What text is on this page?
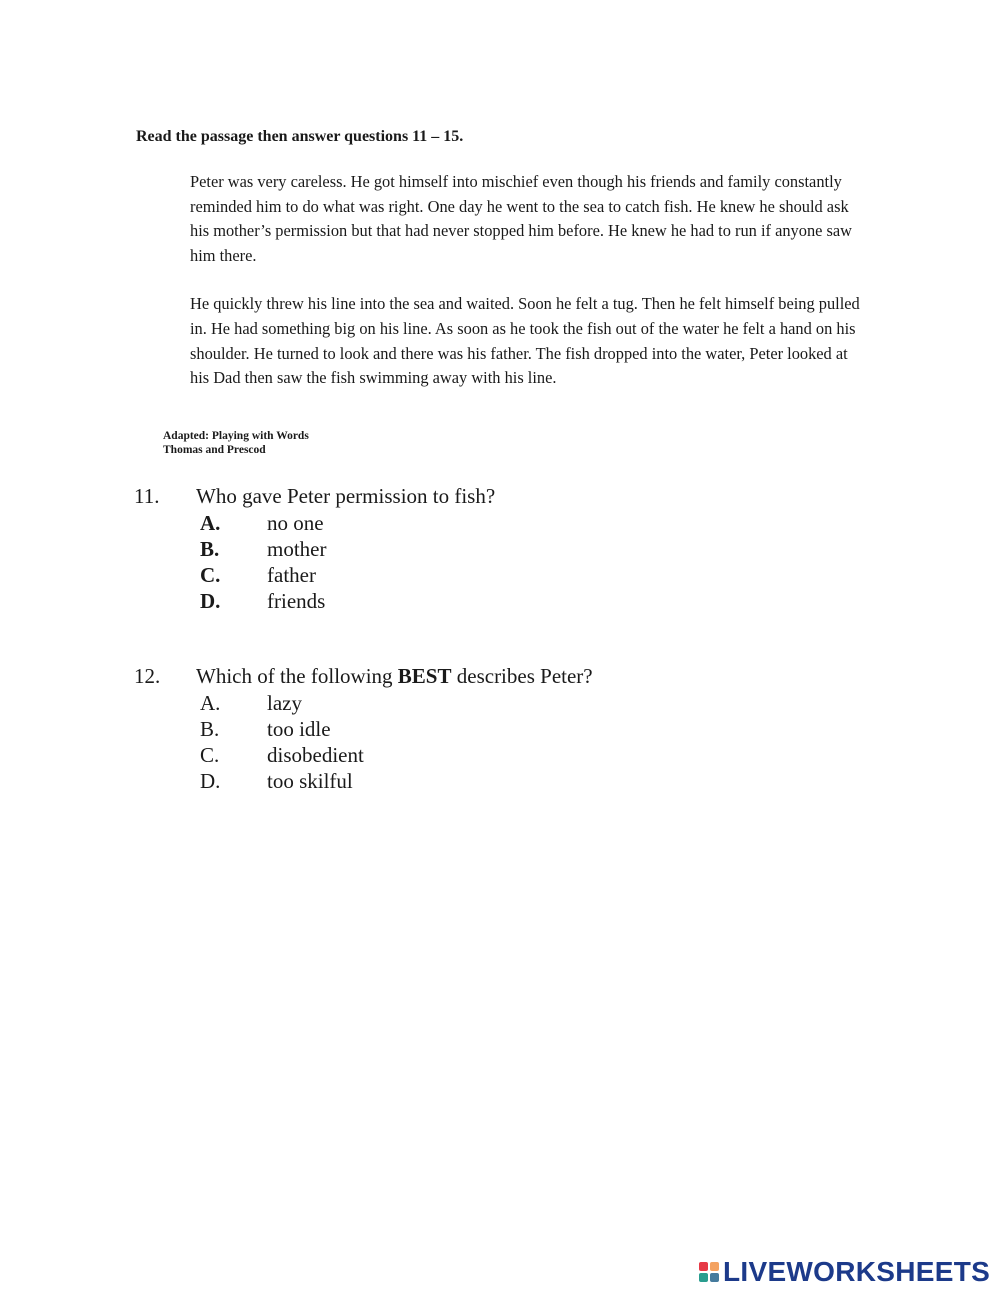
Read the passage then answer questions 11 – 15.

Peter was very careless. He got himself into mischief even though his friends and family constantly reminded him to do what was right. One day he went to the sea to catch fish. He knew he should ask his mother’s permission but that had never stopped him before. He knew he had to run if anyone saw him there.

He quickly threw his line into the sea and waited. Soon he felt a tug. Then he felt himself being pulled in. He had something big on his line. As soon as he took the fish out of the water he felt a hand on his shoulder. He turned to look and there was his father. The fish dropped into the water, Peter looked at his Dad then saw the fish swimming away with his line.

Adapted: Playing with Words
Thomas and Prescod
11.	Who gave Peter permission to fish?
A.	no one
B.	mother
C.	father
D.	friends
12.	Which of the following BEST describes Peter?
A.	lazy
B.	too idle
C.	disobedient
D.	too skilful
LIVEWORKSHEETS
